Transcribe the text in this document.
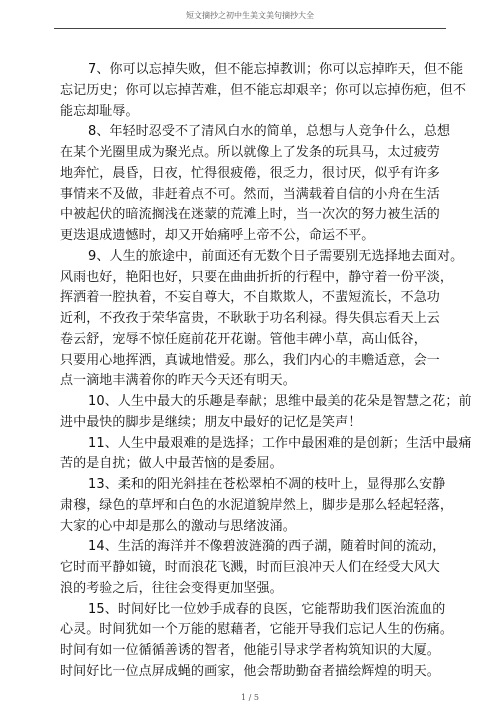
短文摘抄之初中生美文美句摘抄大全
7、你可以忘掉失败，但不能忘掉教训；你可以忘掉昨天，但不能
忘记历史；你可以忘掉苦难，但不能忘却艰辛；你可以忘掉伤疤，但不
能忘却耻辱。
8、年轻时忍受不了清风白水的简单，总想与人竞争什么，总想
在某个光圈里成为聚光点。所以就像上了发条的玩具马，太过疲劳
地奔忙，晨昏，日夜，忙得很疲倦，很乏力，很讨厌，似乎有许多
事情来不及做，非赶着点不可。然而，当满载着自信的小舟在生活
中被起伏的暗流搁浅在迷蒙的荒滩上时，当一次次的努力被生活的
更迭退成遗憾时，却又开始痛呼上帝不公，命运不平。
9、人生的旅途中，前面还有无数个日子需要别无选择地去面对。
风雨也好，艳阳也好，只要在曲曲折折的行程中，静守着一份平淡，
挥洒着一腔执着，不妄自尊大，不自欺欺人，不蜚短流长，不急功
近利，不孜孜于荣华富贵，不耿耿于功名利禄。得失俱忘看天上云
卷云舒，宠辱不惊任庭前花开花谢。管他丰碑小草，高山低谷，
只要用心地挥洒，真诚地惜爱。那么，我们内心的丰赡适意，会一
点一滴地丰满着你的昨天今天还有明天。
10、人生中最大的乐趣是奉献；思维中最美的花朵是智慧之花；前
进中最快的脚步是继续；朋友中最好的记忆是笑声！
11、人生中最艰难的是选择；工作中最困难的是创新；生活中最痛
苦的是自扰；做人中最苦恼的是委屈。
13、柔和的阳光斜挂在苍松翠柏不凋的枝叶上，显得那么安静
肃穆，绿色的草坪和白色的水泥道貌岸然上，脚步是那么轻起轻落，
大家的心中却是那么的激动与思绪波涌。
14、生活的海洋并不像碧波涟漪的西子湖，随着时间的流动，
它时而平静如镜，时而浪花飞溅，时而巨浪冲天人们在经受大风大
浪的考验之后，往往会变得更加坚强。
15、时间好比一位妙手成春的良医，它能帮助我们医治流血的
心灵。时间犹如一个万能的慰藉者，它能开导我们忘记人生的伤痛。
时间有如一位循循善诱的智者，他能引导求学者构筑知识的大厦。
时间好比一位点屏成蝇的画家，他会帮助勤奋者描绘辉煌的明天。
1 / 5
